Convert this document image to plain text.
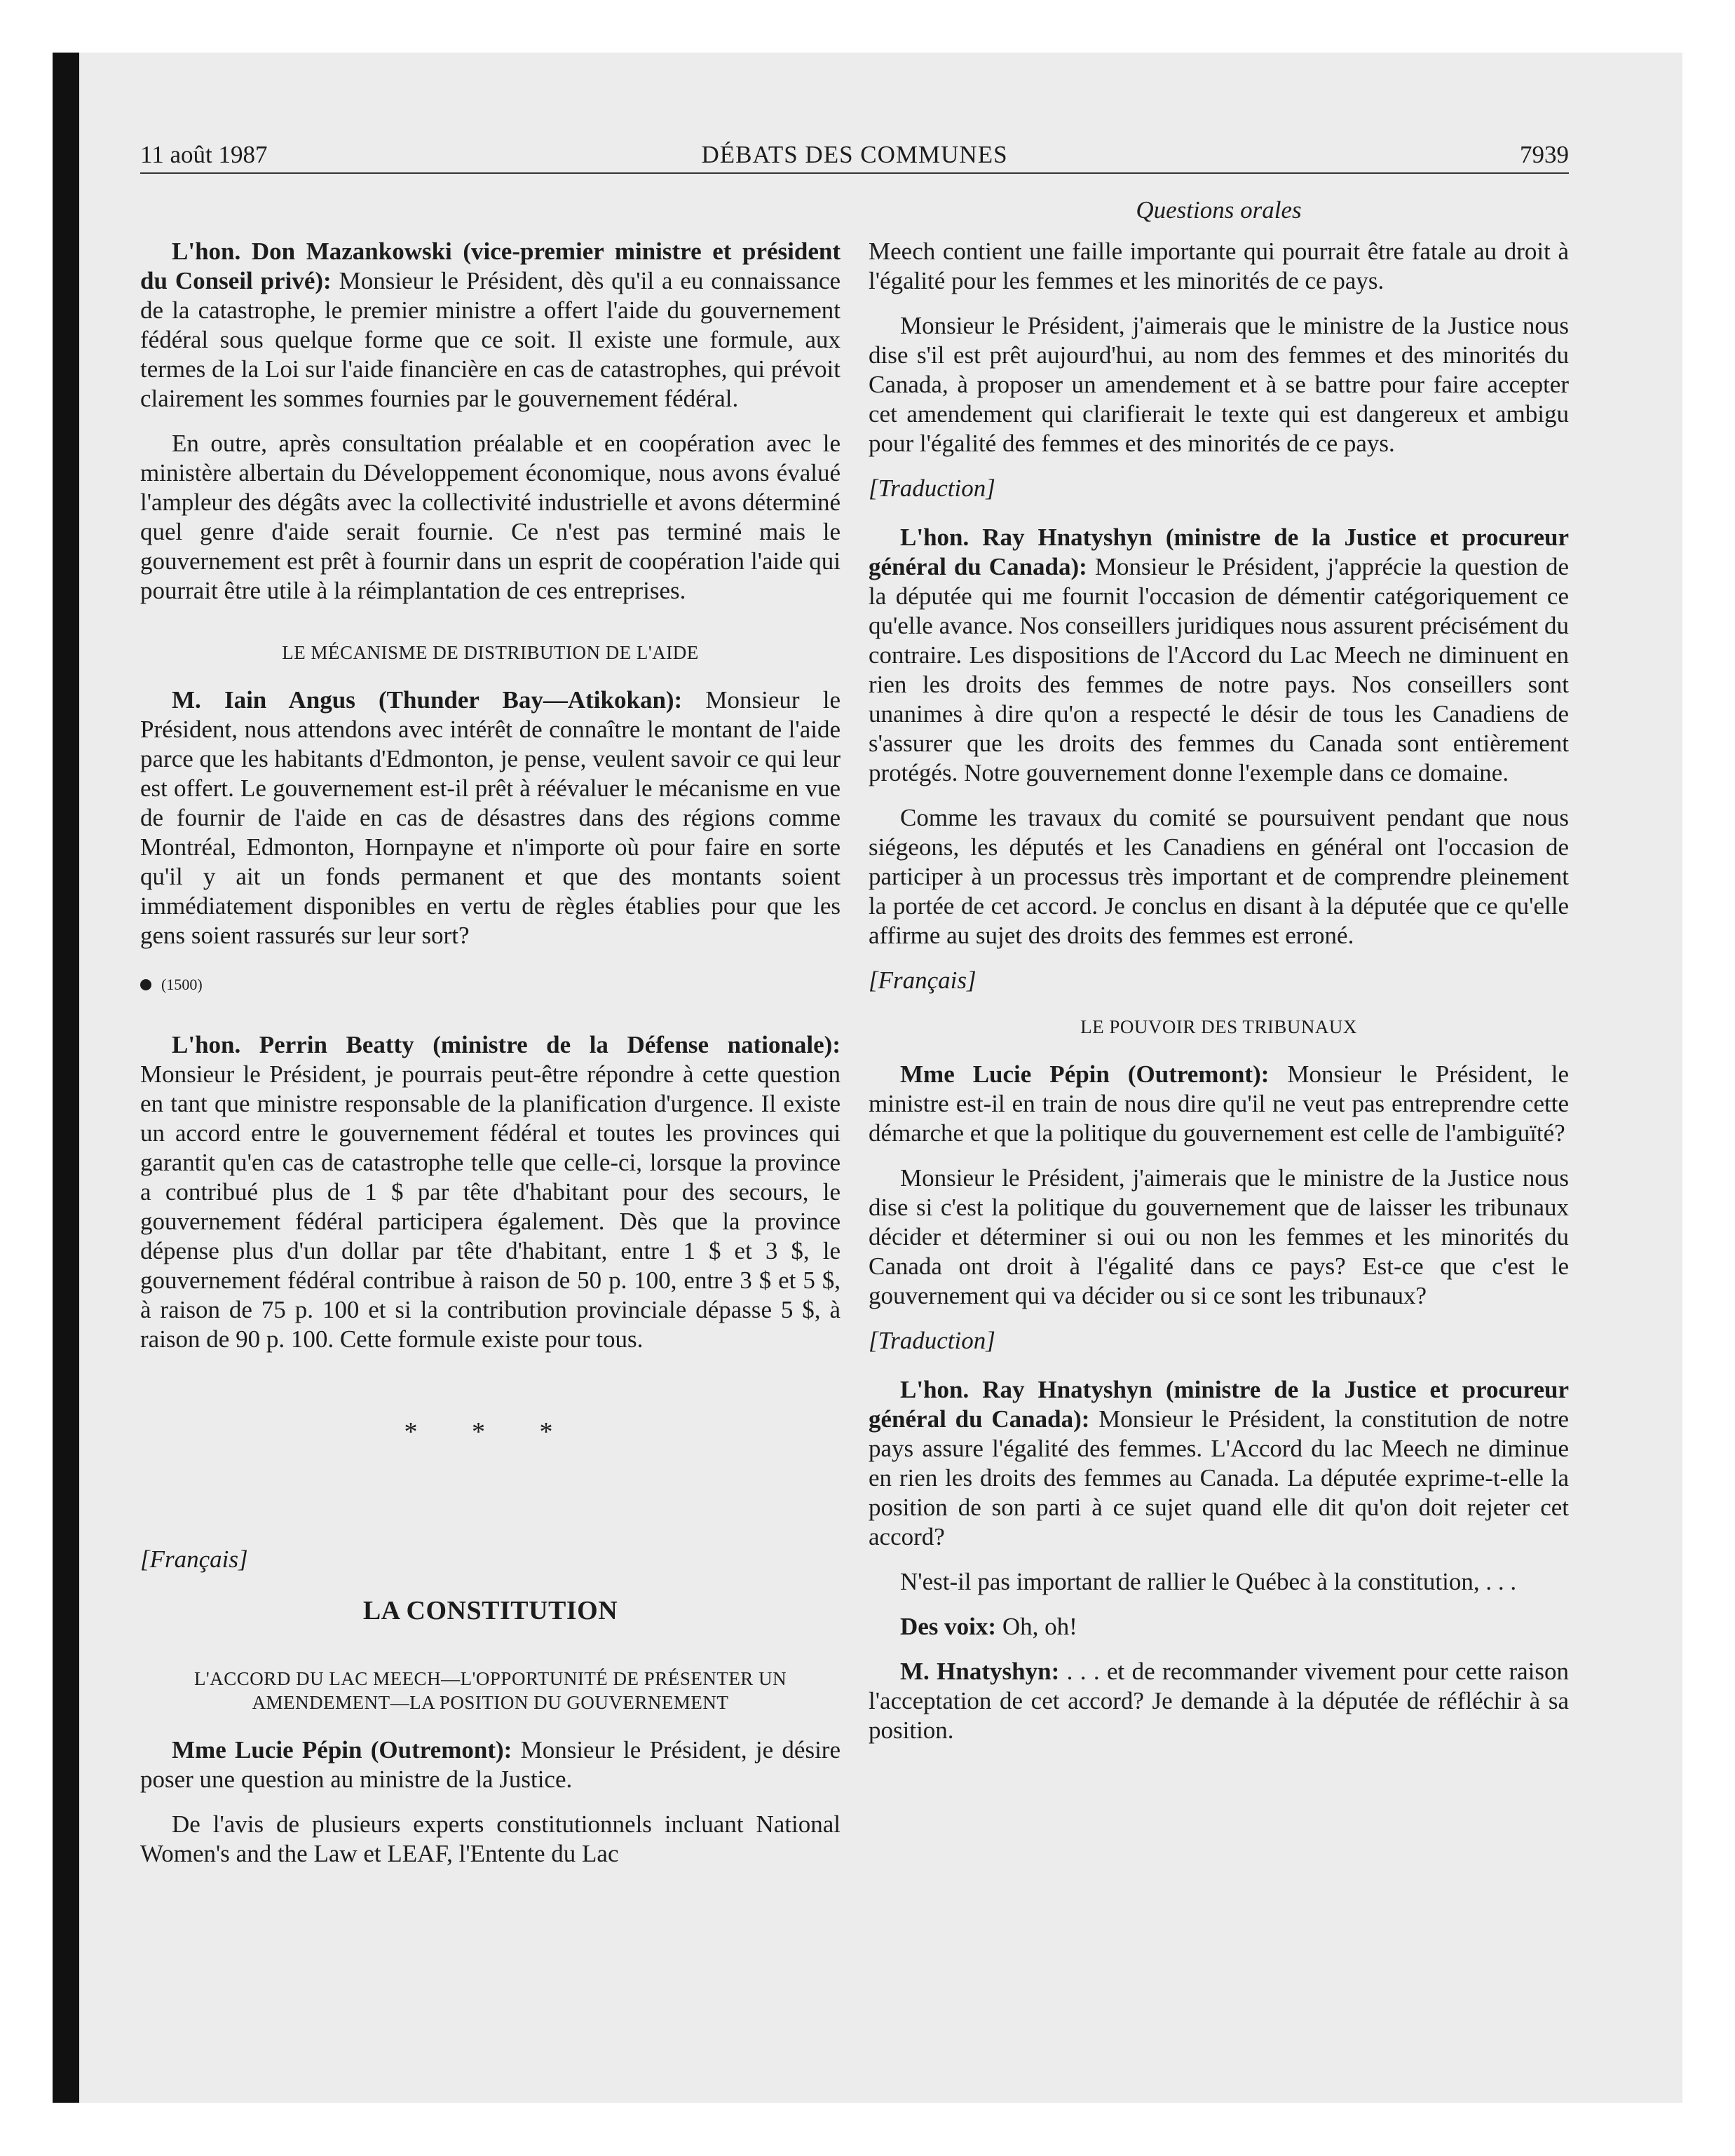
11 août 1987	DÉBATS DES COMMUNES	7939
Questions orales

L'hon. Don Mazankowski (vice-premier ministre et président du Conseil privé): Monsieur le Président, dès qu'il a eu connaissance de la catastrophe, le premier ministre a offert l'aide du gouvernement fédéral sous quelque forme que ce soit. Il existe une formule, aux termes de la Loi sur l'aide financière en cas de catastrophes, qui prévoit clairement les sommes fournies par le gouvernement fédéral.

En outre, après consultation préalable et en coopération avec le ministère albertain du Développement économique, nous avons évalué l'ampleur des dégâts avec la collectivité industrielle et avons déterminé quel genre d'aide serait fournie. Ce n'est pas terminé mais le gouvernement est prêt à fournir dans un esprit de coopération l'aide qui pourrait être utile à la réimplantation de ces entreprises.

LE MÉCANISME DE DISTRIBUTION DE L'AIDE

M. Iain Angus (Thunder Bay—Atikokan): Monsieur le Président, nous attendons avec intérêt de connaître le montant de l'aide parce que les habitants d'Edmonton, je pense, veulent savoir ce qui leur est offert. Le gouvernement est-il prêt à réévaluer le mécanisme en vue de fournir de l'aide en cas de désastres dans des régions comme Montréal, Edmonton, Hornpayne et n'importe où pour faire en sorte qu'il y ait un fonds permanent et que des montants soient immédiatement disponibles en vertu de règles établies pour que les gens soient rassurés sur leur sort?

(1500)

L'hon. Perrin Beatty (ministre de la Défense nationale): Monsieur le Président, je pourrais peut-être répondre à cette question en tant que ministre responsable de la planification d'urgence. Il existe un accord entre le gouvernement fédéral et toutes les provinces qui garantit qu'en cas de catastrophe telle que celle-ci, lorsque la province a contribué plus de 1 $ par tête d'habitant pour des secours, le gouvernement fédéral participera également. Dès que la province dépense plus d'un dollar par tête d'habitant, entre 1 $ et 3 $, le gouvernement fédéral contribue à raison de 50 p. 100, entre 3 $ et 5 $, à raison de 75 p. 100 et si la contribution provinciale dépasse 5 $, à raison de 90 p. 100. Cette formule existe pour tous.

* * *

[Français]

LA CONSTITUTION
L'ACCORD DU LAC MEECH—L'OPPORTUNITÉ DE PRÉSENTER UN AMENDEMENT—LA POSITION DU GOUVERNEMENT

Mme Lucie Pépin (Outremont): Monsieur le Président, je désire poser une question au ministre de la Justice.

De l'avis de plusieurs experts constitutionnels incluant National Women's and the Law et LEAF, l'Entente du Lac

Meech contient une faille importante qui pourrait être fatale au droit à l'égalité pour les femmes et les minorités de ce pays.

Monsieur le Président, j'aimerais que le ministre de la Justice nous dise s'il est prêt aujourd'hui, au nom des femmes et des minorités du Canada, à proposer un amendement et à se battre pour faire accepter cet amendement qui clarifierait le texte qui est dangereux et ambigu pour l'égalité des femmes et des minorités de ce pays.

[Traduction]

L'hon. Ray Hnatyshyn (ministre de la Justice et procureur général du Canada): Monsieur le Président, j'apprécie la question de la députée qui me fournit l'occasion de démentir catégoriquement ce qu'elle avance. Nos conseillers juridiques nous assurent précisément du contraire. Les dispositions de l'Accord du Lac Meech ne diminuent en rien les droits des femmes de notre pays. Nos conseillers sont unanimes à dire qu'on a respecté le désir de tous les Canadiens de s'assurer que les droits des femmes du Canada sont entièrement protégés. Notre gouvernement donne l'exemple dans ce domaine.

Comme les travaux du comité se poursuivent pendant que nous siégeons, les députés et les Canadiens en général ont l'occasion de participer à un processus très important et de comprendre pleinement la portée de cet accord. Je conclus en disant à la députée que ce qu'elle affirme au sujet des droits des femmes est erroné.

[Français]

LE POUVOIR DES TRIBUNAUX

Mme Lucie Pépin (Outremont): Monsieur le Président, le ministre est-il en train de nous dire qu'il ne veut pas entreprendre cette démarche et que la politique du gouvernement est celle de l'ambiguïté?

Monsieur le Président, j'aimerais que le ministre de la Justice nous dise si c'est la politique du gouvernement que de laisser les tribunaux décider et déterminer si oui ou non les femmes et les minorités du Canada ont droit à l'égalité dans ce pays? Est-ce que c'est le gouvernement qui va décider ou si ce sont les tribunaux?

[Traduction]

L'hon. Ray Hnatyshyn (ministre de la Justice et procureur général du Canada): Monsieur le Président, la constitution de notre pays assure l'égalité des femmes. L'Accord du lac Meech ne diminue en rien les droits des femmes au Canada. La députée exprime-t-elle la position de son parti à ce sujet quand elle dit qu'on doit rejeter cet accord?

N'est-il pas important de rallier le Québec à la constitution, . . .

Des voix: Oh, oh!

M. Hnatyshyn: . . . et de recommander vivement pour cette raison l'acceptation de cet accord? Je demande à la députée de réfléchir à sa position.
